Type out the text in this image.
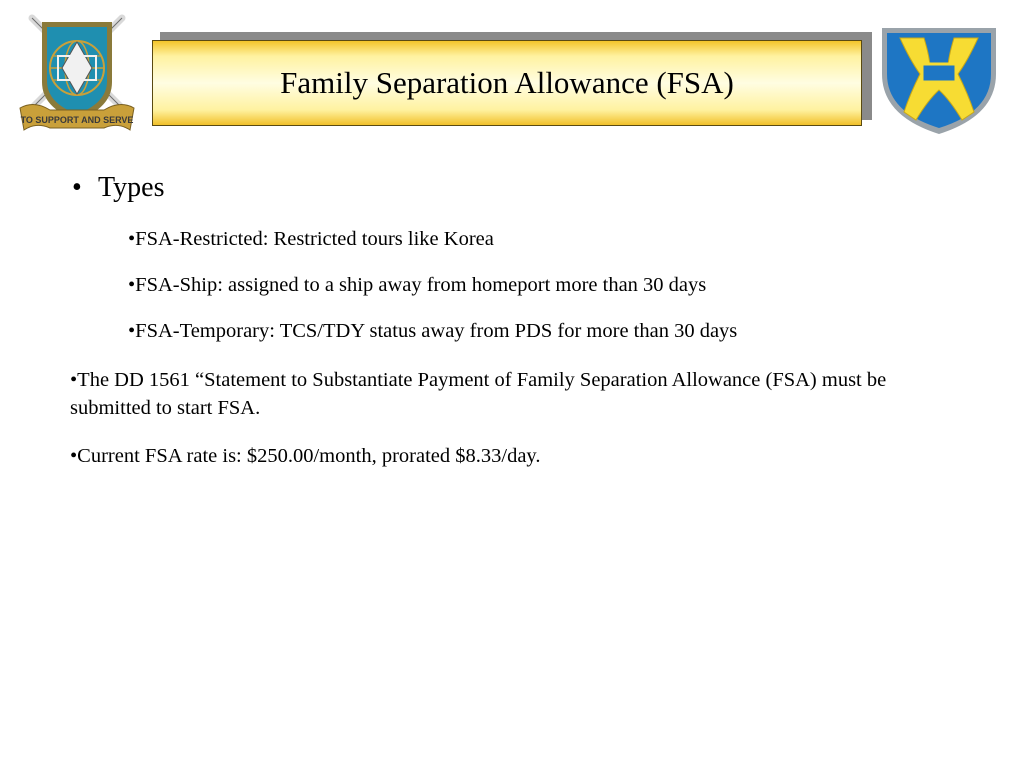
TO SUPPORT AND SERVE
Family Separation Allowance (FSA)
• Types
•FSA-Restricted: Restricted tours like Korea
•FSA-Ship: assigned to a ship away from homeport more than 30 days
•FSA-Temporary: TCS/TDY status away from PDS for more than 30 days
•The DD 1561 “Statement to Substantiate Payment of Family Separation Allowance (FSA) must be submitted to start FSA.
•Current FSA rate is: $250.00/month, prorated $8.33/day.
